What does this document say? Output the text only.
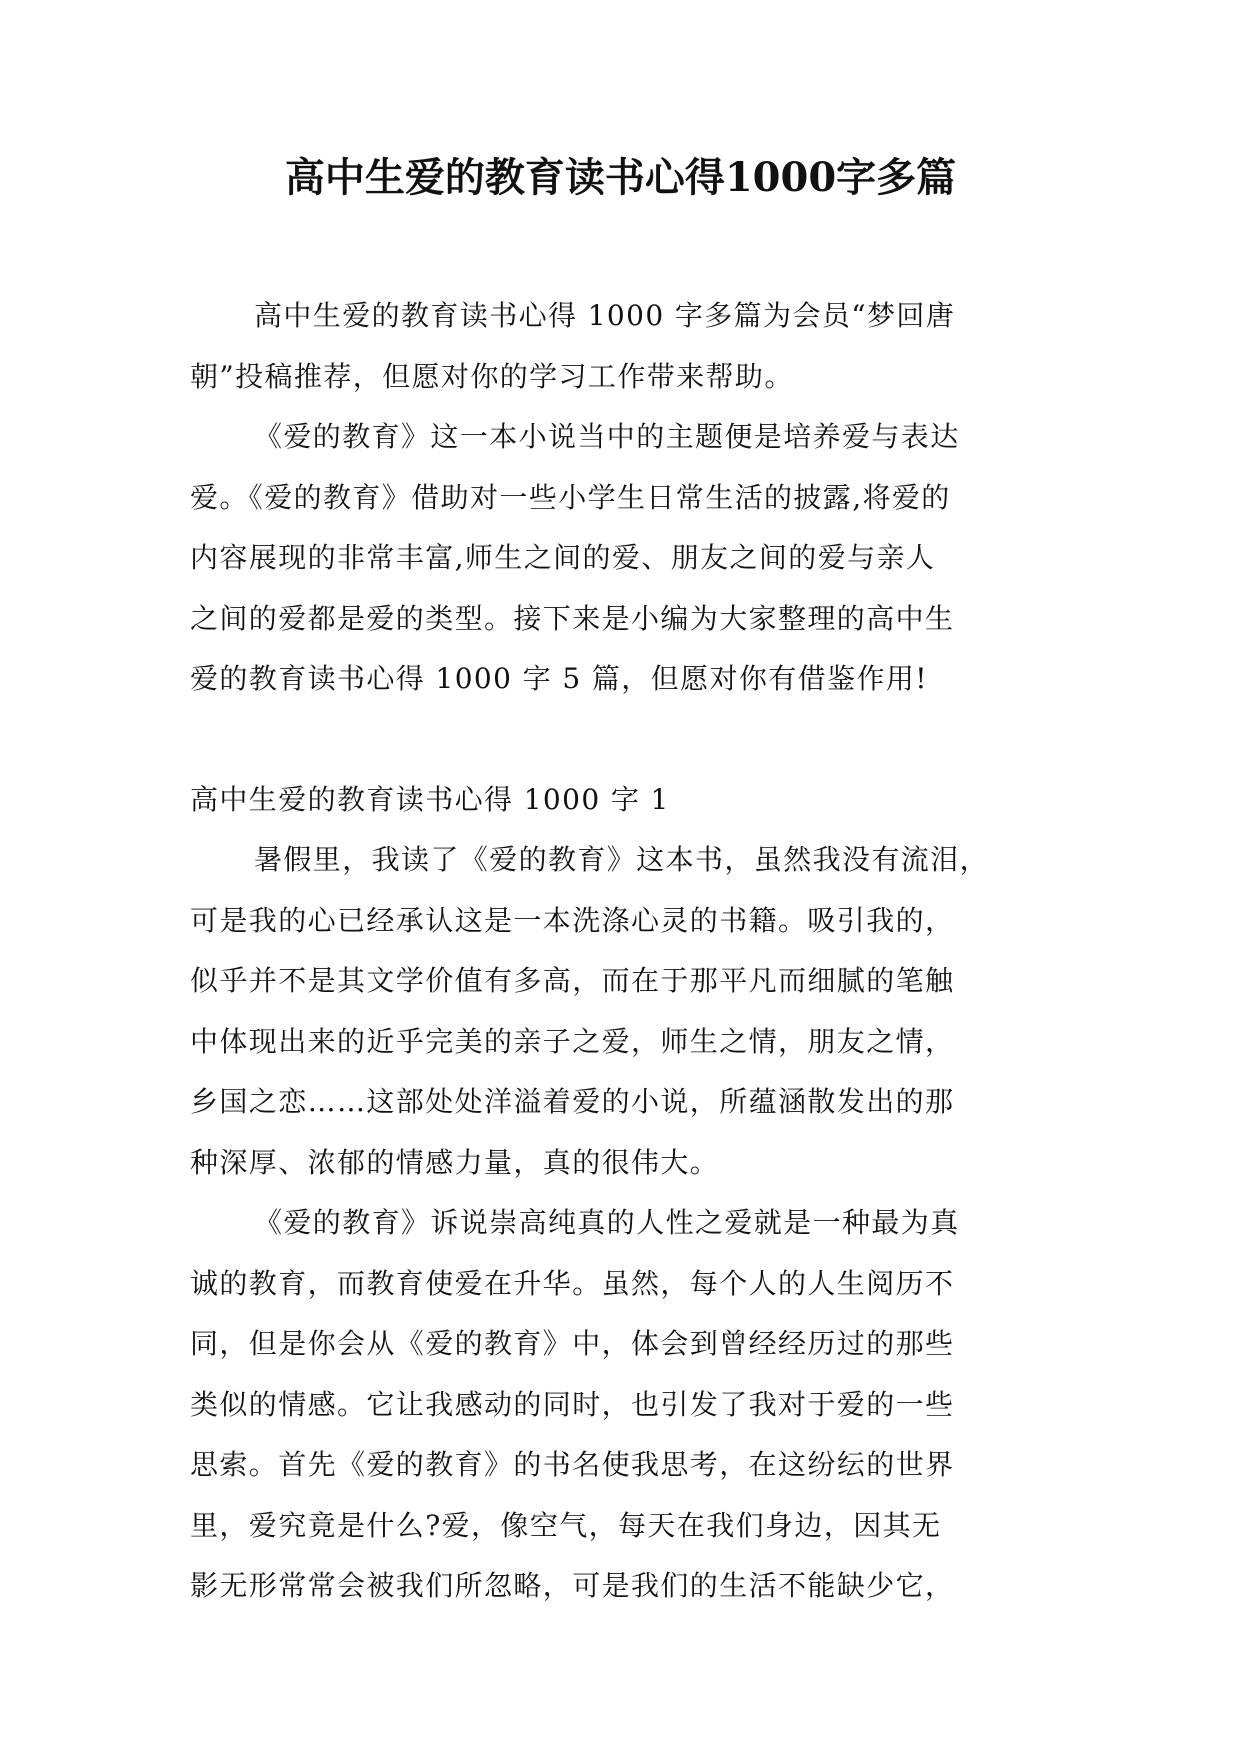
高中生爱的教育读书心得1000字多篇
高中生爱的教育读书心得 1000 字多篇为会员“梦回唐
朝”投稿推荐，但愿对你的学习工作带来帮助。
《爱的教育》这一本小说当中的主题便是培养爱与表达
爱。《爱的教育》借助对一些小学生日常生活的披露,将爱的
内容展现的非常丰富,师生之间的爱、朋友之间的爱与亲人
之间的爱都是爱的类型。接下来是小编为大家整理的高中生
爱的教育读书心得 1000 字 5 篇，但愿对你有借鉴作用!
高中生爱的教育读书心得 1000 字 1
暑假里，我读了《爱的教育》这本书，虽然我没有流泪，
可是我的心已经承认这是一本洗涤心灵的书籍。吸引我的，
似乎并不是其文学价值有多高，而在于那平凡而细腻的笔触
中体现出来的近乎完美的亲子之爱，师生之情，朋友之情，
乡国之恋……这部处处洋溢着爱的小说，所蕴涵散发出的那
种深厚、浓郁的情感力量，真的很伟大。
《爱的教育》诉说崇高纯真的人性之爱就是一种最为真
诚的教育，而教育使爱在升华。虽然，每个人的人生阅历不
同，但是你会从《爱的教育》中，体会到曾经经历过的那些
类似的情感。它让我感动的同时，也引发了我对于爱的一些
思索。首先《爱的教育》的书名使我思考，在这纷纭的世界
里，爱究竟是什么?爱，像空气，每天在我们身边，因其无
影无形常常会被我们所忽略，可是我们的生活不能缺少它，
